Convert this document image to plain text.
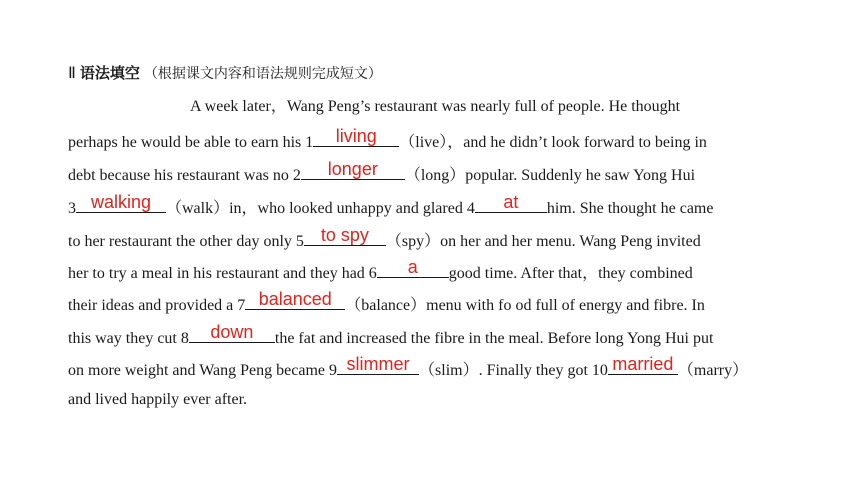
Ⅱ 语法填空 （根据课文内容和语法规则完成短文）
A week later，Wang Peng’s restaurant was nearly full of people. He thought
perhaps he would be able to earn his 1	living	（live），and he didn’t look forward to being in
debt because his restaurant was no 2	longer	（long）popular. Suddenly he saw Yong Hui
3 walking （walk）in，who looked unhappy and glared 4	at	him. She thought he came
to her restaurant the other day only 5 to spy	（spy）on her and her menu. Wang Peng invited
her to try a meal in his restaurant and they had 6	a	good time. After that，they combined
their ideas and provided a 7 balanced （balance）menu with fo od full of energy and fibre. In
this way they cut 8	down	the fat and increased the fibre in the meal. Before long Yong Hui put
on more weight and Wang Peng became 9 slimmer （slim）. Finally they got 10 married （marry）
and lived happily ever after.
